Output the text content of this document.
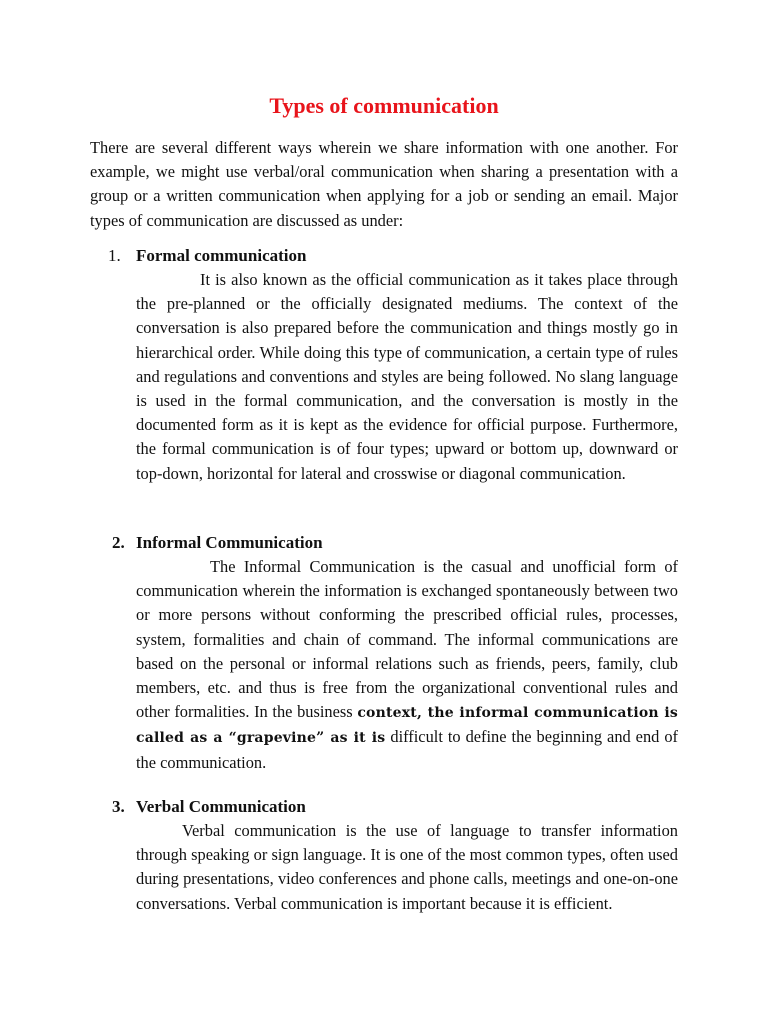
Types of communication
There are several different ways wherein we share information with one another. For example, we might use verbal/oral communication when sharing a presentation with a group or a written communication when applying for a job or sending an email. Major types of communication are discussed as under:
1. Formal communication
It is also known as the official communication as it takes place through the pre-planned or the officially designated mediums. The context of the conversation is also prepared before the communication and things mostly go in hierarchical order. While doing this type of communication, a certain type of rules and regulations and conventions and styles are being followed. No slang language is used in the formal communication, and the conversation is mostly in the documented form as it is kept as the evidence for official purpose. Furthermore, the formal communication is of four types; upward or bottom up, downward or top-down, horizontal for lateral and crosswise or diagonal communication.
2. Informal Communication
The Informal Communication is the casual and unofficial form of communication wherein the information is exchanged spontaneously between two or more persons without conforming the prescribed official rules, processes, system, formalities and chain of command. The informal communications are based on the personal or informal relations such as friends, peers, family, club members, etc. and thus is free from the organizational conventional rules and other formalities. In the business context, the informal communication is called as a “grapevine” as it is difficult to define the beginning and end of the communication.
3. Verbal Communication
Verbal communication is the use of language to transfer information through speaking or sign language. It is one of the most common types, often used during presentations, video conferences and phone calls, meetings and one-on-one conversations. Verbal communication is important because it is efficient.
